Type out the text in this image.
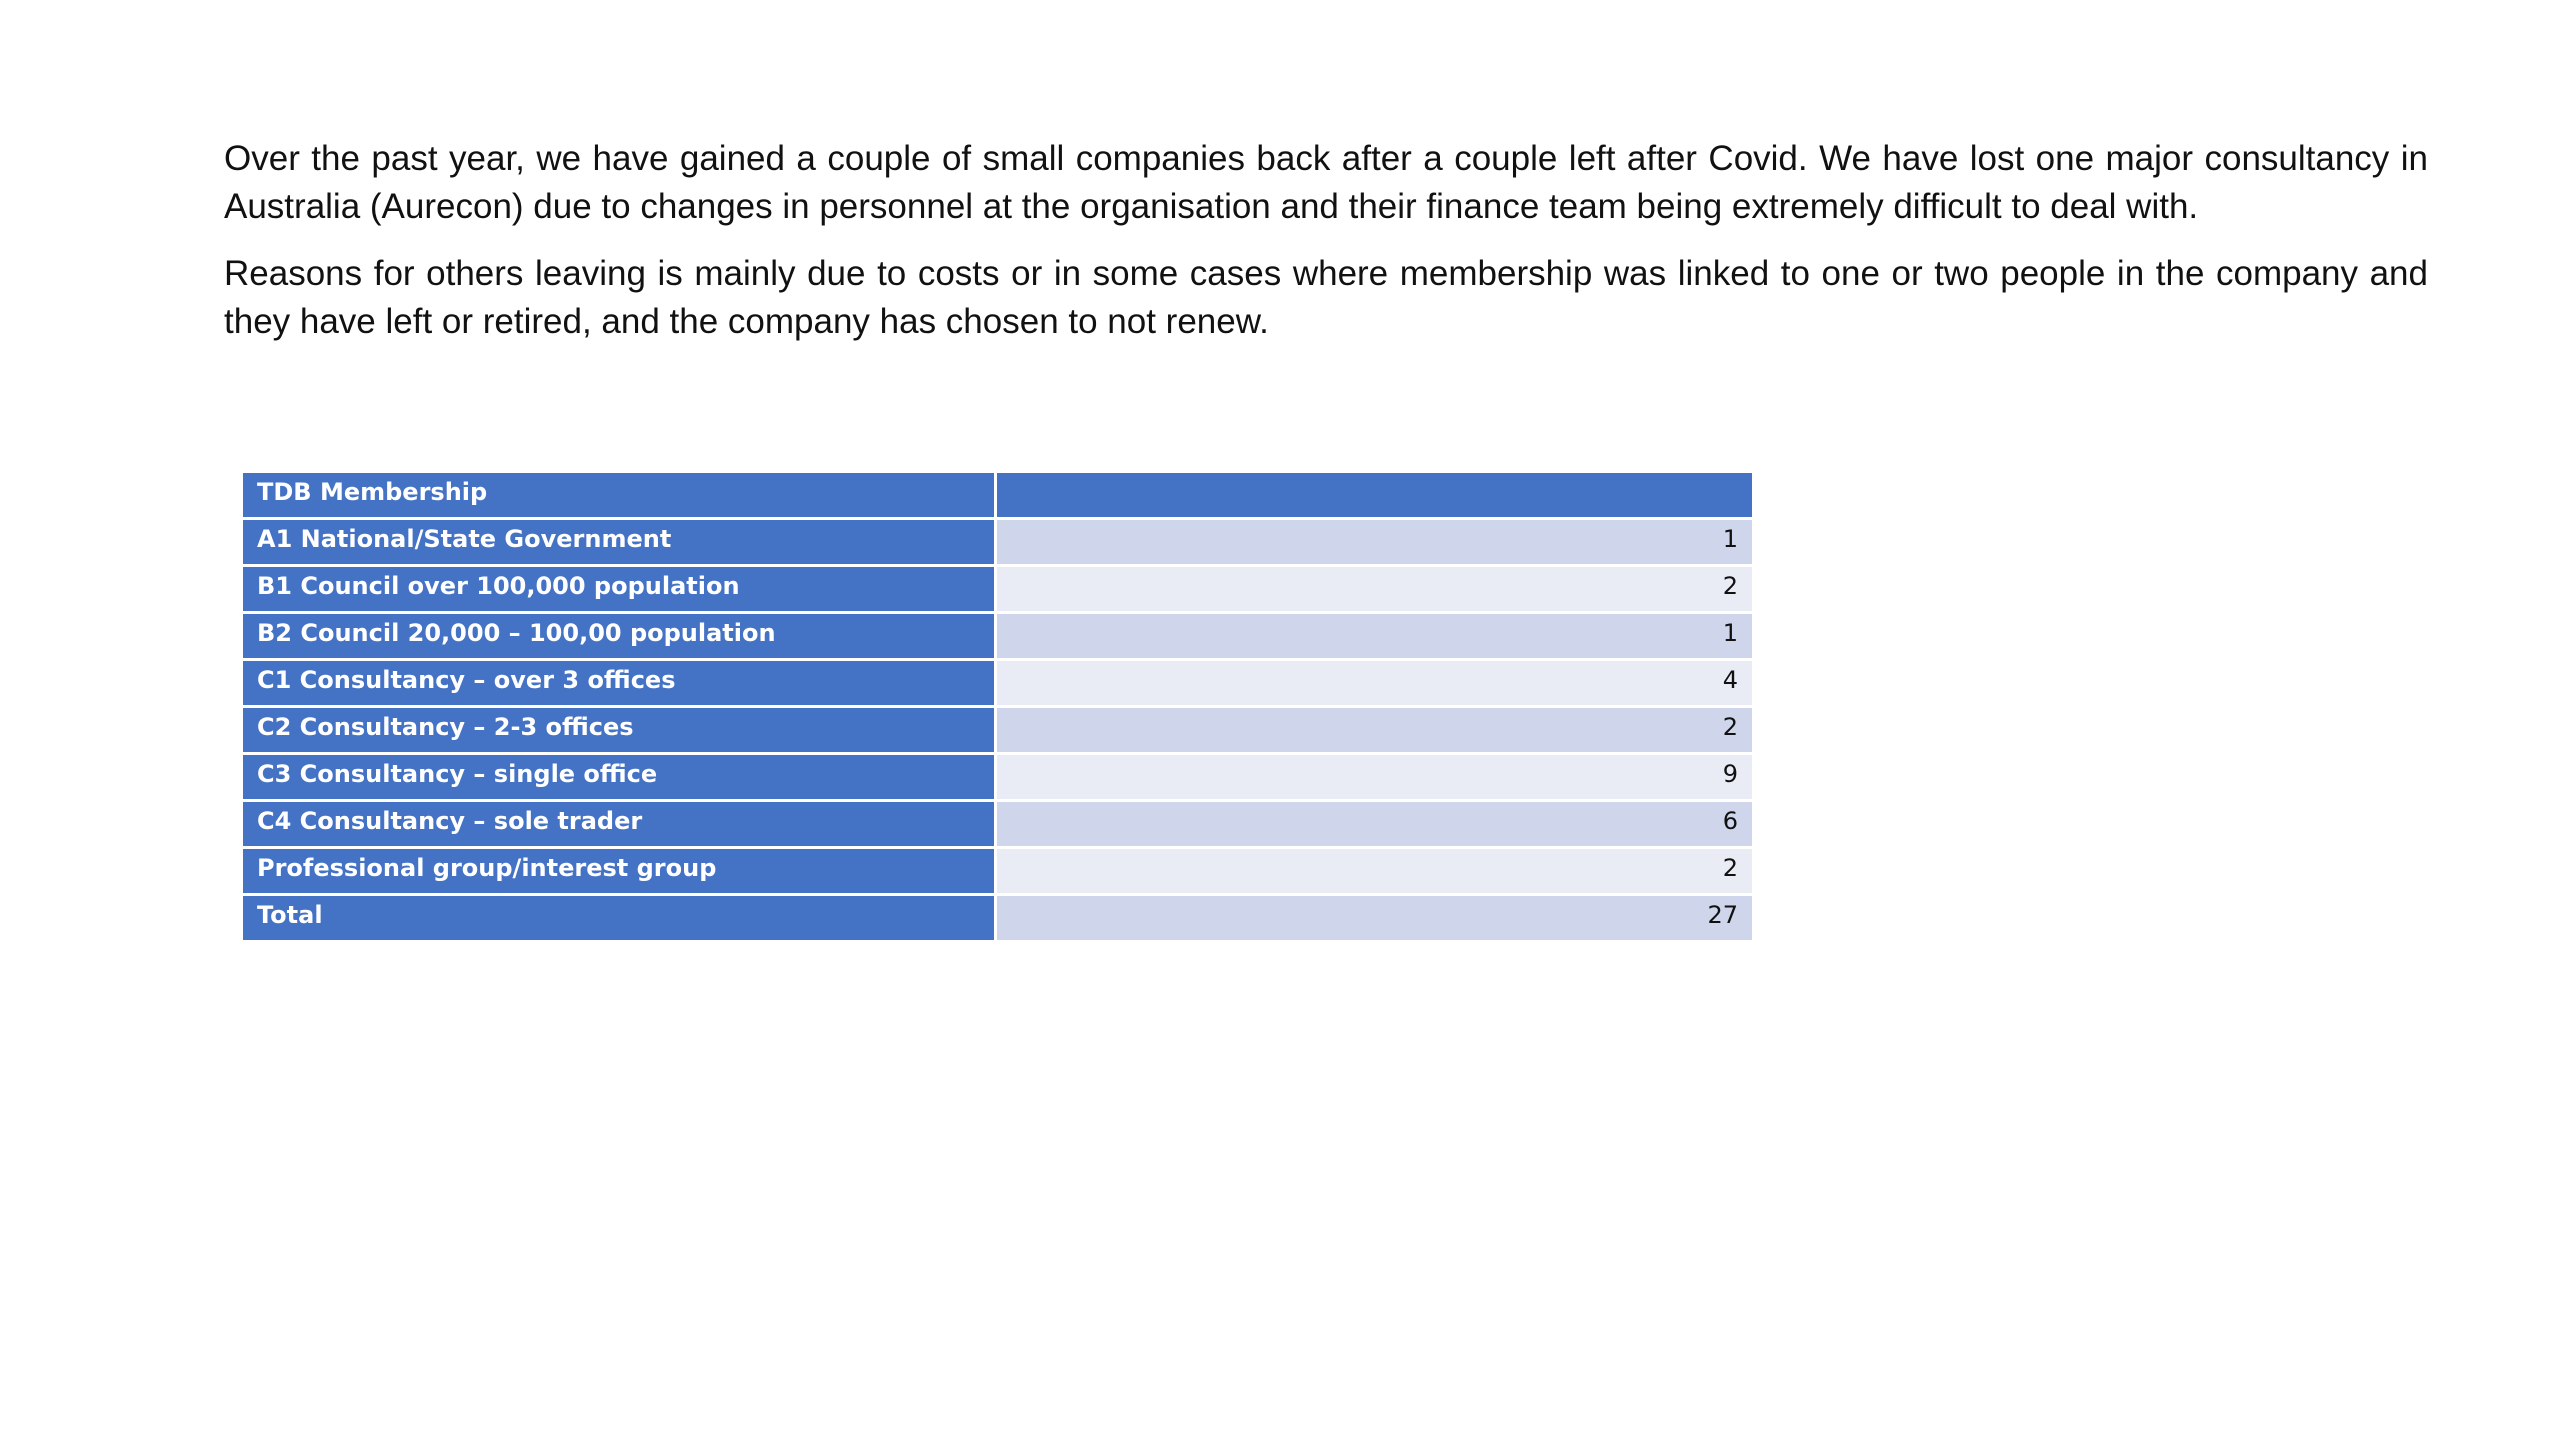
Over the past year, we have gained a couple of small companies back after a couple left after Covid. We have lost one major consultancy in Australia (Aurecon) due to changes in personnel at the organisation and their finance team being extremely difficult to deal with.

Reasons for others leaving is mainly due to costs or in some cases where membership was linked to one or two people in the company and they have left or retired, and the company has chosen to not renew.

TDB Membership	
A1 National/State Government	1
B1 Council over 100,000 population	2
B2 Council 20,000 – 100,00 population	1
C1 Consultancy – over 3 offices	4
C2 Consultancy – 2-3 offices	2
C3 Consultancy – single office	9
C4 Consultancy – sole trader	6
Professional group/interest group	2
Total	27
